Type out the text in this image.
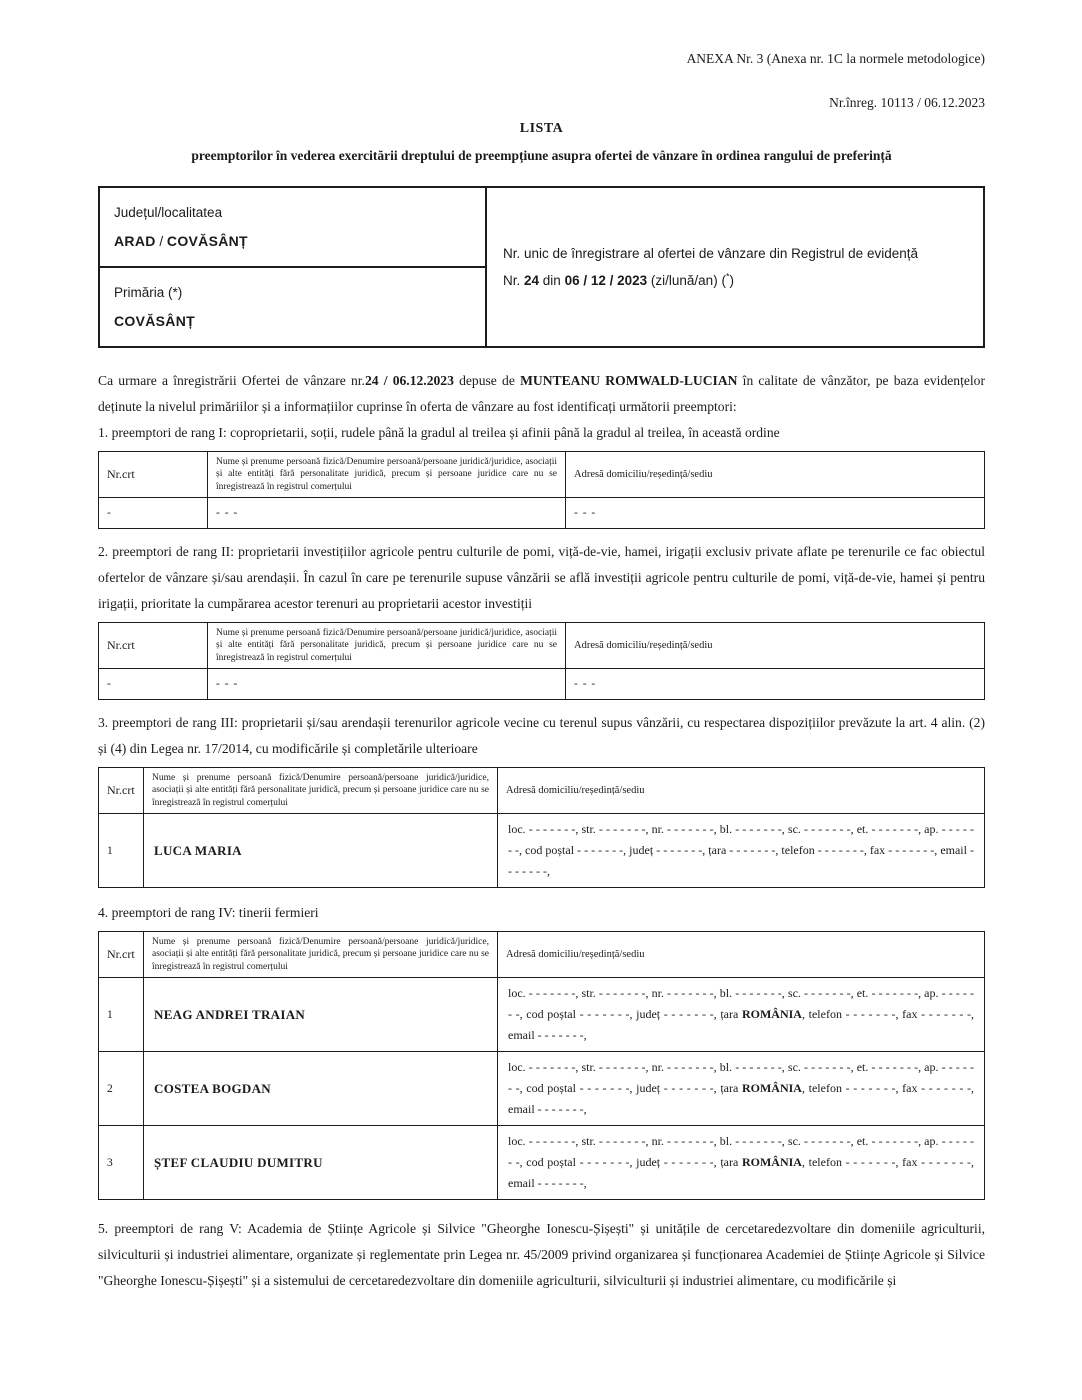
ANEXA Nr. 3 (Anexa nr. 1C la normele metodologice)
Nr.înreg. 10113 / 06.12.2023
LISTA
preemptorilor în vederea exercitării dreptului de preempțiune asupra ofertei de vânzare în ordinea rangului de preferință
Județul/localitatea
ARAD / COVĂSÂNȚ

Nr. unic de înregistrare al ofertei de vânzare din Registrul de evidență
Nr. 24 din 06 / 12 / 2023 (zi/lună/an) (*)

Primăria (*)
COVĂSÂNȚ

Ca urmare a înregistrării Ofertei de vânzare nr.24 / 06.12.2023 depuse de MUNTEANU ROMWALD-LUCIAN în calitate de vânzător, pe baza evidențelor deținute la nivelul primăriilor și a informațiilor cuprinse în oferta de vânzare au fost identificați următorii preemptori:

1. preemptori de rang I: coproprietarii, soții, rudele până la gradul al treilea și afinii până la gradul al treilea, în această ordine

Nr.crt	Nume și prenume persoană fizică/Denumire persoană/persoane juridică/juridice, asociații și alte entități fără personalitate juridică, precum și persoane juridice care nu se înregistrează în registrul comerțului	Adresă domiciliu/reședință/sediu
-	- - -	- - -

2. preemptori de rang II: proprietarii investițiilor agricole pentru culturile de pomi, viță-de-vie, hamei, irigații exclusiv private aflate pe terenurile ce fac obiectul ofertelor de vânzare și/sau arendașii. În cazul în care pe terenurile supuse vânzării se află investiții agricole pentru culturile de pomi, viță-de-vie, hamei și pentru irigații, prioritate la cumpărarea acestor terenuri au proprietarii acestor investiții

Nr.crt	Nume și prenume persoană fizică/Denumire persoană/persoane juridică/juridice, asociații și alte entități fără personalitate juridică, precum și persoane juridice care nu se înregistrează în registrul comerțului	Adresă domiciliu/reședință/sediu
-	- - -	- - -

3. preemptori de rang III: proprietarii și/sau arendașii terenurilor agricole vecine cu terenul supus vânzării, cu respectarea dispozițiilor prevăzute la art. 4 alin. (2) și (4) din Legea nr. 17/2014, cu modificările și completările ulterioare

Nr.crt	Nume și prenume persoană fizică/Denumire persoană/persoane juridică/juridice, asociații și alte entități fără personalitate juridică, precum și persoane juridice care nu se înregistrează în registrul comerțului	Adresă domiciliu/reședință/sediu
1	LUCA MARIA	loc. - - - - - - -, str. - - - - - - -, nr. - - - - - - -, bl. - - - - - - -, sc. - - - - - - -, et. - - - - - - -, ap. - - - - - - -, cod poștal - - - - - - -, județ - - - - - - -, țara - - - - - - -, telefon - - - - - - -, fax - - - - - - -, email - - - - - - -,

4. preemptori de rang IV: tinerii fermieri

Nr.crt	Nume și prenume persoană fizică/Denumire persoană/persoane juridică/juridice, asociații și alte entități fără personalitate juridică, precum și persoane juridice care nu se înregistrează în registrul comerțului	Adresă domiciliu/reședință/sediu
1	NEAG ANDREI TRAIAN	loc. - - - - - - -, str. - - - - - - -, nr. - - - - - - -, bl. - - - - - - -, sc. - - - - - - -, et. - - - - - - -, ap. - - - - - - -, cod poștal - - - - - - -, județ - - - - - - -, țara ROMÂNIA, telefon - - - - - - -, fax - - - - - - -, email - - - - - - -,
2	COSTEA BOGDAN	loc. - - - - - - -, str. - - - - - - -, nr. - - - - - - -, bl. - - - - - - -, sc. - - - - - - -, et. - - - - - - -, ap. - - - - - - -, cod poștal - - - - - - -, județ - - - - - - -, țara ROMÂNIA, telefon - - - - - - -, fax - - - - - - -, email - - - - - - -,
3	ȘTEF CLAUDIU DUMITRU	loc. - - - - - - -, str. - - - - - - -, nr. - - - - - - -, bl. - - - - - - -, sc. - - - - - - -, et. - - - - - - -, ap. - - - - - - -, cod poștal - - - - - - -, județ - - - - - - -, țara ROMÂNIA, telefon - - - - - - -, fax - - - - - - -, email - - - - - - -,

5. preemptori de rang V: Academia de Științe Agricole și Silvice "Gheorghe Ionescu-Șișești" și unitățile de cercetaredezvoltare din domeniile agriculturii, silviculturii și industriei alimentare, organizate și reglementate prin Legea nr. 45/2009 privind organizarea și funcționarea Academiei de Științe Agricole și Silvice "Gheorghe Ionescu-Șișești" și a sistemului de cercetaredezvoltare din domeniile agriculturii, silviculturii și industriei alimentare, cu modificările și
